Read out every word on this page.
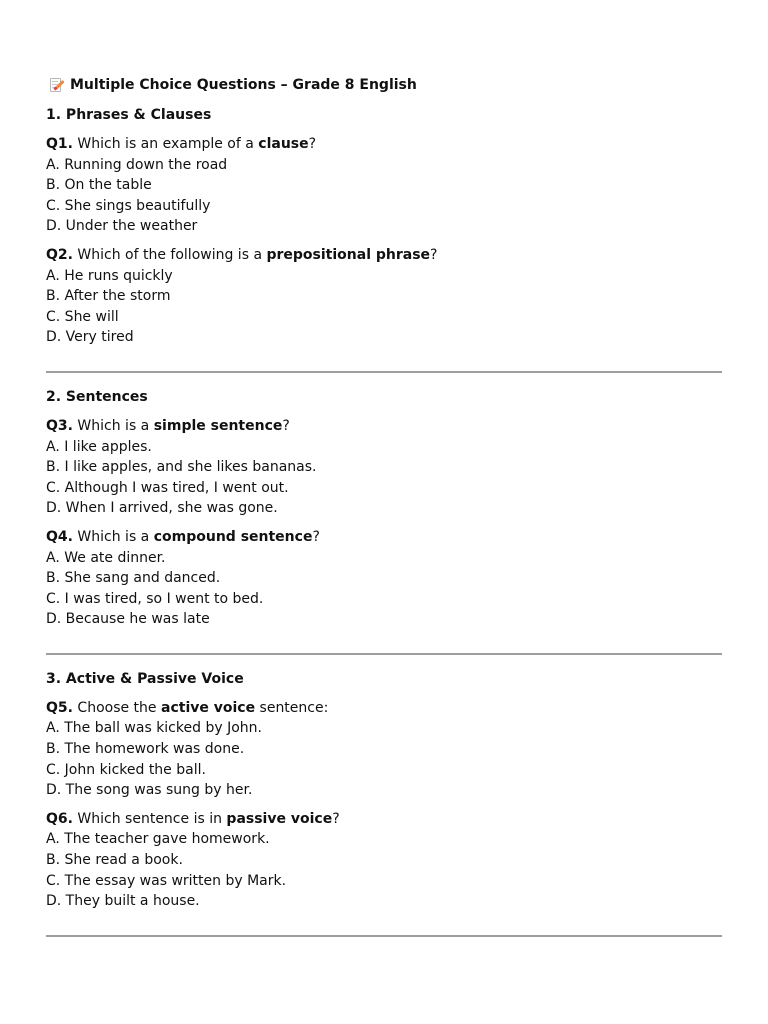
Multiple Choice Questions – Grade 8 English
1. Phrases & Clauses
Q1. Which is an example of a clause?
A. Running down the road
B. On the table
C. She sings beautifully
D. Under the weather
Q2. Which of the following is a prepositional phrase?
A. He runs quickly
B. After the storm
C. She will
D. Very tired
2. Sentences
Q3. Which is a simple sentence?
A. I like apples.
B. I like apples, and she likes bananas.
C. Although I was tired, I went out.
D. When I arrived, she was gone.
Q4. Which is a compound sentence?
A. We ate dinner.
B. She sang and danced.
C. I was tired, so I went to bed.
D. Because he was late
3. Active & Passive Voice
Q5. Choose the active voice sentence:
A. The ball was kicked by John.
B. The homework was done.
C. John kicked the ball.
D. The song was sung by her.
Q6. Which sentence is in passive voice?
A. The teacher gave homework.
B. She read a book.
C. The essay was written by Mark.
D. They built a house.
